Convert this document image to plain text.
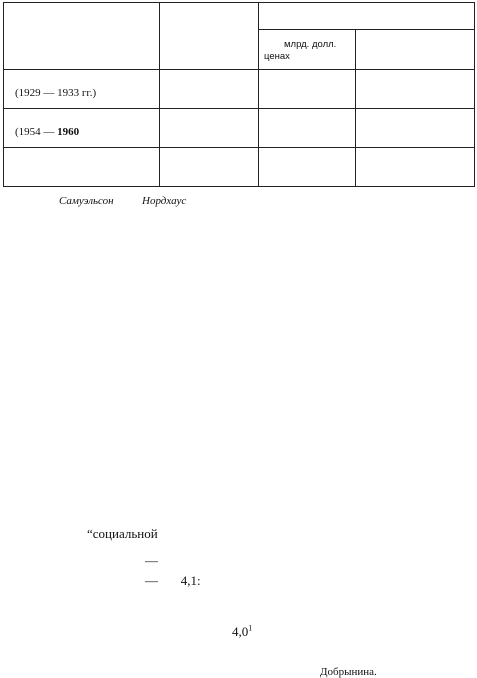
млрд. долл.
ценах
(1929 — 1933 гг.)
(1954 — 1960
Самуэльсон	Нордхаус
“социальной
—
—       4,1:
$4,0^1$
Добрынина.
